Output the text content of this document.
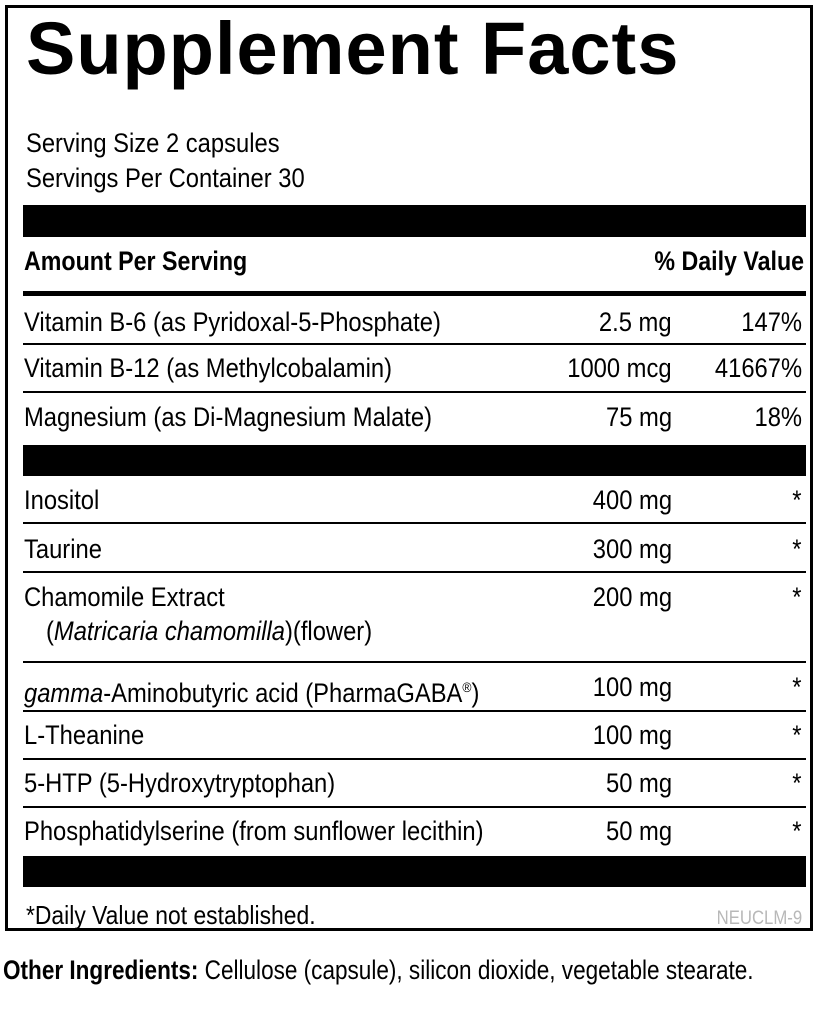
Supplement Facts
Serving Size 2 capsules
Servings Per Container 30
Amount Per Serving	% Daily Value
Vitamin B-6 (as Pyridoxal-5-Phosphate)	2.5 mg	147%
Vitamin B-12 (as Methylcobalamin)	1000 mcg 41667%
Magnesium (as Di-Magnesium Malate)	75 mg	18%
Inositol	400 mg	*
Taurine	300 mg	*
Chamomile Extract
(Matricaria chamomilla)(flower)
200 mg	*
gamma-Aminobutyric acid (PharmaGABA®)	100 mg	*
L-Theanine	100 mg	*
5-HTP (5-Hydroxytryptophan)	50 mg	*
Phosphatidylserine (from sunflower lecithin)	50 mg	*
*Daily Value not established.	NEUCLM-9
Other Ingredients: Cellulose (capsule), silicon dioxide, vegetable stearate.
